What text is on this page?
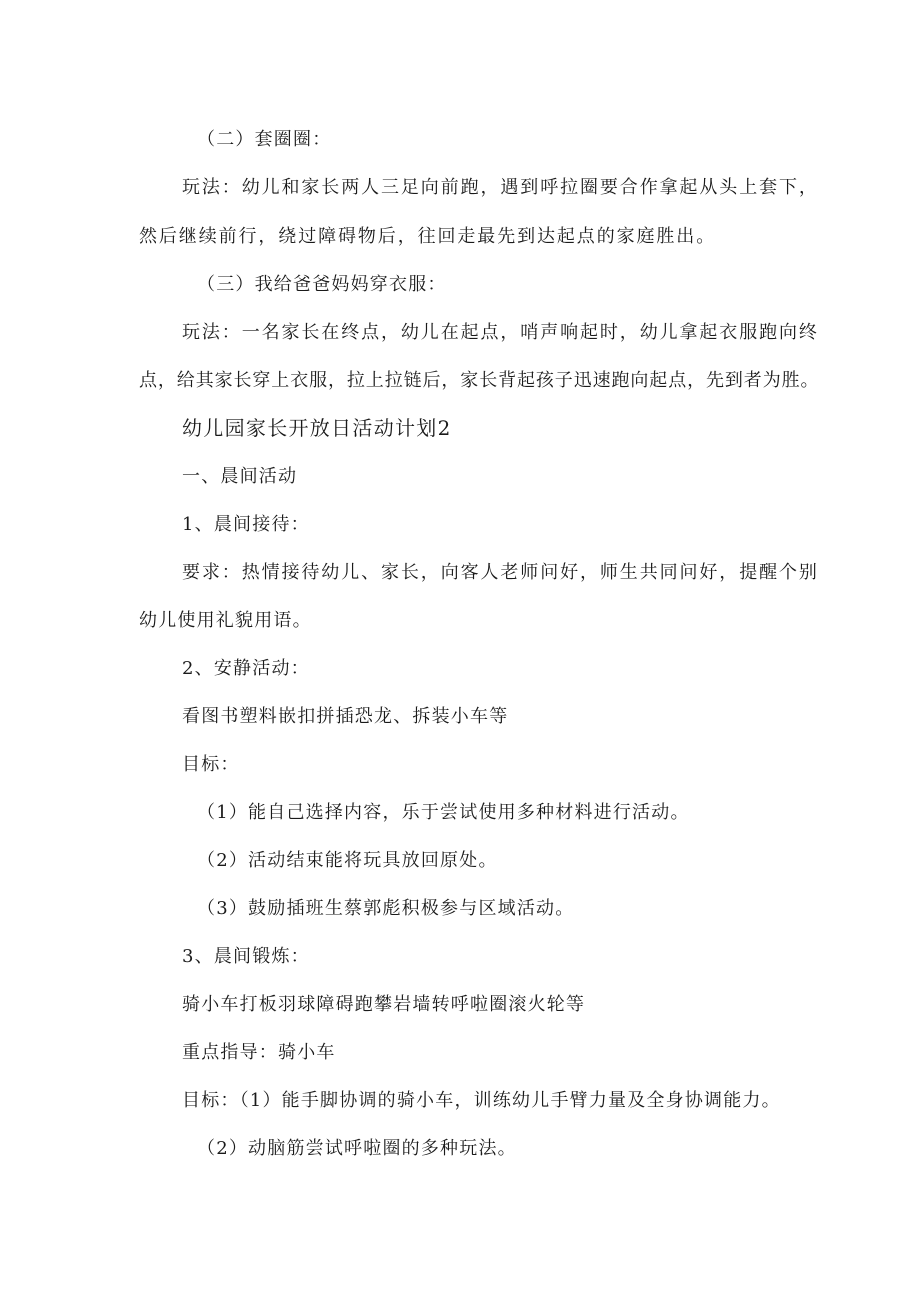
（二）套圈圈：
玩法：幼儿和家长两人三足向前跑，遇到呼拉圈要合作拿起从头上套下，
然后继续前行，绕过障碍物后，往回走最先到达起点的家庭胜出。
（三）我给爸爸妈妈穿衣服：
玩法：一名家长在终点，幼儿在起点，哨声响起时，幼儿拿起衣服跑向终
点，给其家长穿上衣服，拉上拉链后，家长背起孩子迅速跑向起点，先到者为胜。
幼儿园家长开放日活动计划2
一、晨间活动
1、晨间接待：
要求：热情接待幼儿、家长，向客人老师问好，师生共同问好，提醒个别
幼儿使用礼貌用语。
2、安静活动：
看图书塑料嵌扣拼插恐龙、拆装小车等
目标：
（1）能自己选择内容，乐于尝试使用多种材料进行活动。
（2）活动结束能将玩具放回原处。
（3）鼓励插班生蔡郭彪积极参与区域活动。
3、晨间锻炼：
骑小车打板羽球障碍跑攀岩墙转呼啦圈滚火轮等
重点指导：骑小车
目标：（1）能手脚协调的骑小车，训练幼儿手臂力量及全身协调能力。
（2）动脑筋尝试呼啦圈的多种玩法。
